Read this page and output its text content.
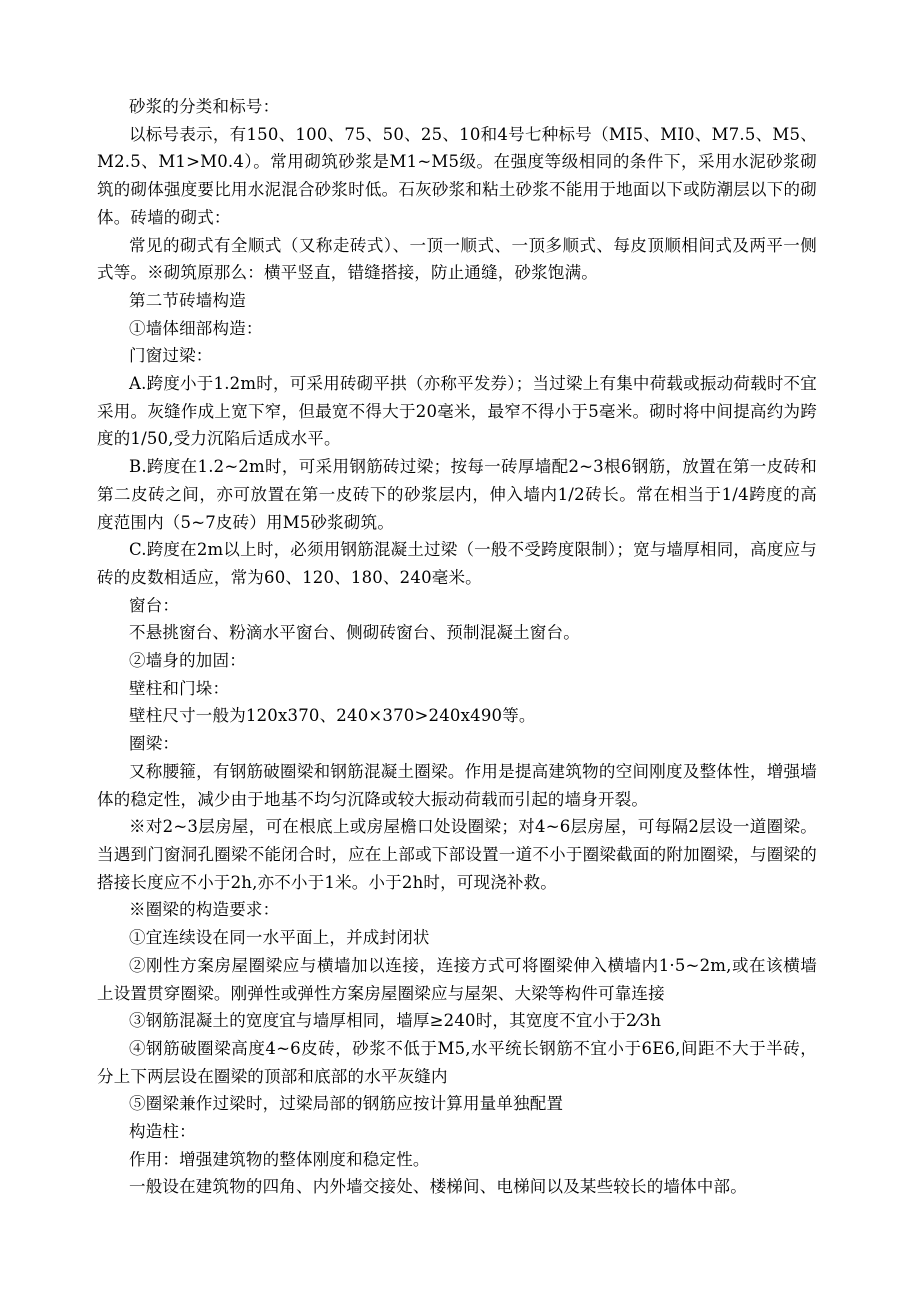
砂浆的分类和标号：

以标号表示，有150、100、75、50、25、10和4号七种标号（MI5、MI0、M7.5、M5、M2.5、M1>M0.4）。常用砌筑砂浆是M1~M5级。在强度等级相同的条件下，采用水泥砂浆砌筑的砌体强度要比用水泥混合砂浆时低。石灰砂浆和粘土砂浆不能用于地面以下或防潮层以下的砌体。砖墙的砌式：

常见的砌式有全顺式（又称走砖式）、一顶一顺式、一顶多顺式、每皮顶顺相间式及两平一侧式等。※砌筑原那么：横平竖直，错缝搭接，防止通缝，砂浆饱满。

第二节砖墙构造

①墙体细部构造：

门窗过梁：

A.跨度小于1.2m时，可采用砖砌平拱（亦称平发券）；当过梁上有集中荷载或振动荷载时不宜采用。灰缝作成上宽下窄，但最宽不得大于20毫米，最窄不得小于5毫米。砌时将中间提高约为跨度的1/50,受力沉陷后适成水平。

B.跨度在1.2~2m时，可采用钢筋砖过梁；按每一砖厚墙配2~3根6钢筋，放置在第一皮砖和第二皮砖之间，亦可放置在第一皮砖下的砂浆层内，伸入墙内1/2砖长。常在相当于1/4跨度的高度范围内（5~7皮砖）用M5砂浆砌筑。

C.跨度在2m以上时，必须用钢筋混凝土过梁（一般不受跨度限制）；宽与墙厚相同，高度应与砖的皮数相适应，常为60、120、180、240毫米。

窗台：

不悬挑窗台、粉滴水平窗台、侧砌砖窗台、预制混凝土窗台。

②墙身的加固：

壁柱和门垛：

壁柱尺寸一般为120x370、240×370>240x490等。

圈梁：

又称腰箍，有钢筋破圈梁和钢筋混凝土圈梁。作用是提高建筑物的空间刚度及整体性，增强墙体的稳定性，减少由于地基不均匀沉降或较大振动荷载而引起的墙身开裂。

※对2~3层房屋，可在根底上或房屋檐口处设圈梁；对4~6层房屋，可每隔2层设一道圈梁。当遇到门窗洞孔圈梁不能闭合时，应在上部或下部设置一道不小于圈梁截面的附加圈梁，与圈梁的搭接长度应不小于2h,亦不小于1米。小于2h时，可现浇补救。

※圈梁的构造要求：

①宜连续设在同一水平面上，并成封闭状

②刚性方案房屋圈梁应与横墙加以连接，连接方式可将圈梁伸入横墙内1·5~2m,或在该横墙上设置贯穿圈梁。刚弹性或弹性方案房屋圈梁应与屋架、大梁等构件可靠连接

③钢筋混凝土的宽度宜与墙厚相同，墙厚≥240时，其宽度不宜小于2⁄3h

④钢筋破圈梁高度4~6皮砖，砂浆不低于M5,水平统长钢筋不宜小于6E6,间距不大于半砖，分上下两层设在圈梁的顶部和底部的水平灰缝内

⑤圈梁兼作过梁时，过梁局部的钢筋应按计算用量单独配置

构造柱：

作用：增强建筑物的整体刚度和稳定性。

一般设在建筑物的四角、内外墙交接处、楼梯间、电梯间以及某些较长的墙体中部。
